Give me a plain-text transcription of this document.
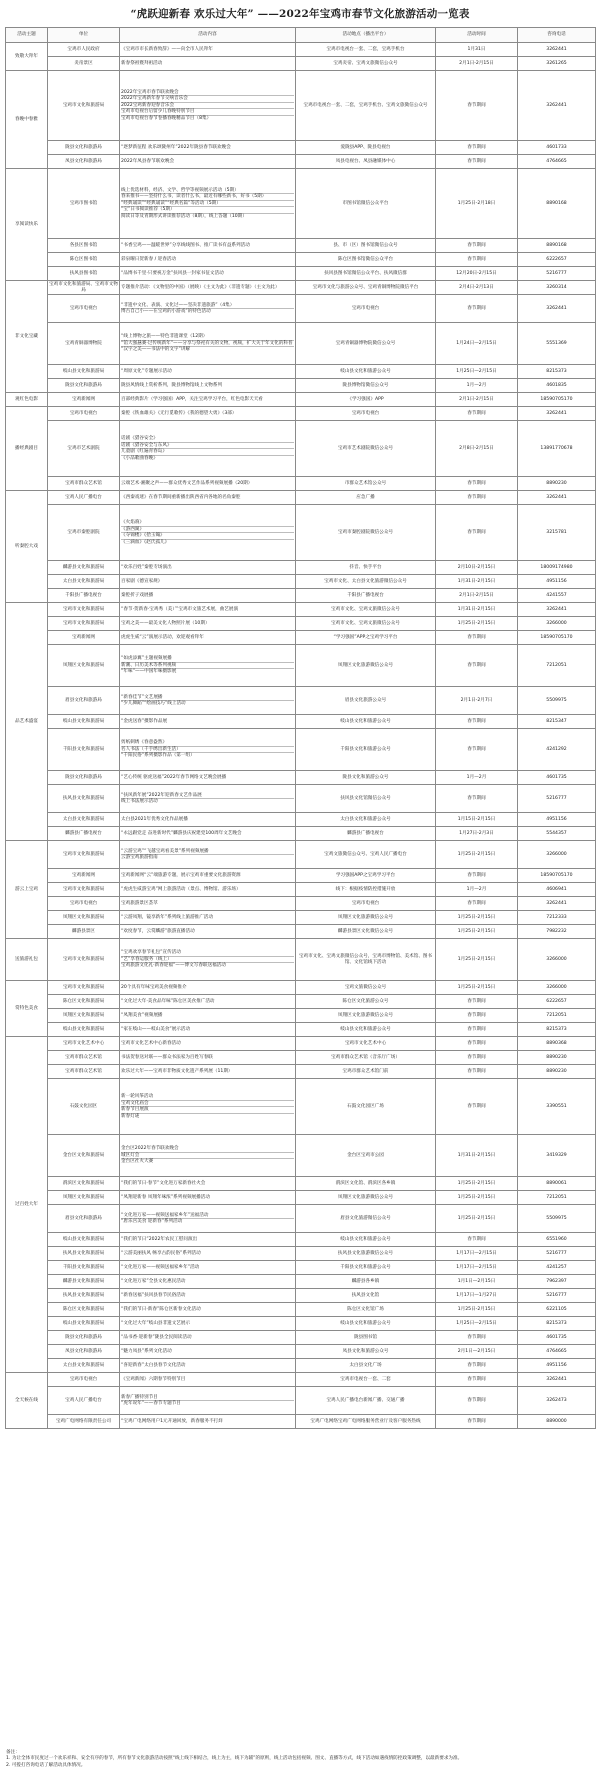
“虎跃迎新春 欢乐过大年” ——2022年宝鸡市春节文化旅游活动一览表
活动主题	单位	活动内容	活动地点（播出平台）	活动时间	咨询电话
致敬大拜年	宝鸡市人民政府	《宝鸡市市长新春致辞》——向全市人民拜年	宝鸡市电视台一套、二套，宝鸡手机台	1月31日	3262441
	炎帝景区	新春祭祖暨拜祖活动	宝鸡炎帝、宝鸡文旅微信公众号	2月1日-2月15日	3261265
春晚中春雅	宝鸡市文化和旅游局	2022年宝鸡市春节联欢晚会
2022年宝鸡新年春节交响音乐会
2022宝鸡新春迎春音乐会
宝鸡市电视台后留少儿春晚特别节目
宝鸡市电视台春节卷播春晚精品节目（8集）	宝鸡市电视台一套、二套，宝鸡手机台、宝鸡文旅微信公众号	春节期间	3262441
	陇县文化和旅游局	“逐梦新征程 欢乐颂陇州年”2022年陇县春节联欢晚会	爱陇县APP、陇县电视台	春节期间	4601733
	凤县文化和旅游局	2022年凤县春节联欢晚会	凤县电视台、凤县融媒体中心	春节期间	4764665
享阅读快乐	宝鸡市图书馆	线上优选材料，经济、文学、哲学等视频展示活动（5期）
春来推书——坚持什么书，读者什么书，最近有哪些新书，好书（5期）
“经典诵读”“经典诵读”“经典名篇”等活动（5期）
“宝”日书阅读推荐（5期）
阅读日等及青期形式讲读推荐活动（8期），线上答题（10期）	市图书馆微信公众平台	1月25日-2月18日	8890168
	各县区图书馆	“书香宝鸡——温暖世界”分享线线图书、推广读书有益系列活动	县、市（区）图书馆微信公众号	春节期间	8890168
	陈仓区图书馆	彩泉曜日贺新春 / 迎春活动	陈仓区图书馆微信公众平台	春节期间	6222657
	扶风县图书馆	“品博书千里·只要祝万金”扶风县一封家书征文活动	扶风县图书馆微信公众平台、扶风微信群	12月20日-2月15日	5216777
非文化宝藏	宝鸡市文化和旅游局、宝鸡市文物局	专题推介活动：《文物里的中国》（展映）《主文为此》（非遗专题）（主文为此）	宝鸡市文化与旅游公众号、宝鸡青铜博物院微信平台	2月4日-2月13日	3260314
	宝鸡市电视台	“非遗中文化、表演、文化过——坚决非遗旅游”（4集）
博古自己小——在宝鸡的小游戏”的特色活动	宝鸡市电视台	春节期间	3262441
	宝鸡青铜器博物院	“线上博物之旅——特色非遗课堂（12期）
“馆大强悬赛·过传统新年”——分享与祭祀有关的文物，视频，扩大关于年文化的科普
“汉字之美——书法中的文字”讲解	宝鸡青铜器博物院微信公众号	1月24日—2月15日	5551369
	岐山县文化和旅游局	“周原文化”专题展示活动	岐山县文化和旅游公众号	1月25日—2月15日	8215373
	陇县文化和旅游局	陇县风情线上赏析系列，陇县博物馆线上文物系列	陇县博物馆微信公众号	1月—2月	4601835
观红色电影	宝鸡新闻网	百部经典影片（学习强国）APP，关注宝鸡学习平台，红色电影天天看	《学习强国》APP	2月1日-2月15日	18590705170
播经典剧目	宝鸡市电视台	秦腔《铁血雄关》《无行觅歌传》《我的德望大勇》（3部）	宝鸡市电视台	春节期间	3262441
	宝鸡市艺术剧院	话剧《猎谷安全》
话剧《猎谷安全与东风》
儿童剧《红遍青春岛》
《小品歌曲春晚》	宝鸡市艺术剧院微信公众号	2月8日-2月15日	13891770678
	宝鸡市群众艺术馆	云端艺术·湘聚之声——群众优秀文艺作品系列视频展播（20期）	市群众艺术馆公众号	春节期间	8890230
听秦腔大戏	宝鸡人民广播电台	《西秦戏迷》在春节期间重新播出陕西省内各地的名角秦腔	应急广播	春节期间	3262441
	宝鸡市秦腔剧院	《火焰驹》
《游西湖》
《夺锦楼》《拾玉镯》
《三滴血》《赵氏孤儿》	宝鸡市秦腔剧院微信公众号	春节期间	3215781
	麟游县文化和旅游局	“欢乐百姓”秦腔专场演出	抖音、快手平台	2月10日-2月15日	18009174980
	太白县文化和旅游局	百家剧《德宣家规》	宝鸡市文化、太白县文化旅游微信公众号	1月31日-2月15日	4951156
	千阳县广播电视台	秦腔折子戏展播	千阳县广播电视台	2月1日-2月15日	4241557
品艺术盛宴	宝鸡市文化和旅游局	“春节·贺新春·宝鸡秀（美）’”宝鸡市文旅艺术展，曲艺展演	宝鸡市文化、宝鸡文旅微信公众号	1月31日-2月15日	3262441
	宝鸡市文化和旅游局	宝鸡之美——最美文化人物照片展（10期）	宝鸡市文化、宝鸡文旅微信公众号	1月25日-2月15日	3266000
	宝鸡新闻网	虎虎生威“云”演展示活动，欢迎观看拜年	“学习强国”APP之宝鸡学习平台	春节期间	18590705170
	凤翔区文化和旅游局	“如虎添翼”主题视频展播
新潮、日历美术等系列视频
“年味”——中国年味摄影展	凤翔区文化旅游微信公众号	春节期间	7212051
	眉县文化和旅游局	“新春佳节”文艺展播
“少儿舞蹈”“绘画技巧”线上活动	眉县文化旅游公众号	2月1日-2月7日	5509975
	岐山县文化和旅游局	“金虎送春”摄影作品展	岐山县文化和旅游公众号	春节期间	8215347
	千阳县文化和旅游局	剪纸刺绣《春意盎然》
名人书法（千手绣出新生活）
“千阳民俗”系列摄影作品（第一组）	千阳县文化和旅游公众号	春节期间	4241292
	陇县文化和旅游局	“艺心传统 驱虎送福”2022年春节网络文艺晚会展播	陇县文化和旅游公众号	1月—2月	4601735
	扶风县文化和旅游局	“扶风新年展”2022年迎新春文艺作品展
线上书法展示活动	扶风县文化馆微信公众号	春节期间	5216777
	太白县文化和旅游局	太白县2021年优秀文化作品展播	太白县文化和旅游公众号	1月15日-2月15日	4951156
	麟游县广播电视台	“永远跟党走 奋进新时代”麟游县庆祝建党100周年文艺晚会	麟游县广播电视台	1月27日-2月3日	5544357
游云上宝鸡	宝鸡市文化和旅游局	“云游宝鸡”“飞越宝鸡看美景”系列视频展播
云游宝鸡旅游指南	宝鸡文旅微信公众号、宝鸡人民广播电台	1月25日-2月15日	3266000
	宝鸡新闻网	宝鸡新闻网“云”端旅游专题，展示宝鸡市重要文化旅游资源	学习强国APP之宝鸡学习平台	春节期间	18590705170
	宝鸡市文化和旅游局	“虎虎生威游宝鸡”网上旅游活动（景点、博物馆、游乐场）	线下：根据疫情防控措施开放	1月—2月	4606941
	宝鸡市电视台	宝鸡旅游景区荟萃	宝鸡市电视台	春节期间	3262441
	凤翔区文化和旅游局	“云游凤翔，镜享新年”系列线上旅游推广活动	凤翔区文化旅游微信公众号	1月25日-2月15日	7212333
	麟游县景区	“欢度春节，云赏麟游”旅游直播活动	麟游县景区文化微信公众号	1月25日-2月15日	7982232
送旅游礼包	宝鸡市文化和旅游局	“宝鸡欢享春节礼包”宣传活动
“艺”享春运服务（线上）
宝鸡旅游文化礼·新春迎福”——博文写春联送福活动	宝鸡市文化、宝鸡文旅微信公众号，宝鸡市博物馆、美术馆、图书馆、文化馆线下活动	1月25日-2月15日	3266000
赏特色美食	宝鸡市文化和旅游局	20个具有年味宝鸡美食视频推介	宝鸡文旅微信公众号	1月25日-2月15日	3266000
	陈仓区文化和旅游局	“文化过大年·美食品年味”陈仓区美食推广活动	陈仓区文化旅游公众号	春节期间	6222657
	凤翔区文化和旅游局	“凤翔美食”视频展播	凤翔区文化旅游微信公众号	春节期间	7212051
	岐山县文化和旅游局	“家在岐山——岐山美食”展示活动	岐山县文化和旅游公众号	春节期间	8215373
过百姓大年	宝鸡市文化艺术中心	宝鸡市文化艺术中心新春活动	宝鸡市文化艺术中心	春节期间	8890368
	宝鸡市群众艺术馆	书法贺春送对联——群众书法家为百姓写春联	宝鸡市群众艺术馆（音乐厅广场）	春节期间	8890230
	宝鸡市群众艺术馆	欢乐过大年——宝鸡市非物质文化遗产系列展（11期）	宝鸡市群众艺术馆门前	春节期间	8890230
	石鼓文化园区	新一轮风筝活动
宝鸡文化庙会
新春节目展演
新春灯谜	石鼓文化园区广场	春节期间	3390551
	金台区文化和旅游局	金台区2022年春节联欢晚会
城区灯会
金台区社火大赛	金台区宝鸡市公园	1月31日-2月15日	3419329
	渭滨区文化和旅游局	“我们的节日·春节”文化进万家新春社火会	渭滨区文化馆、渭滨区各乡镇	1月25日-2月15日	8890061
	凤翔区文化和旅游局	“凤翔迎新春 凤翔年味浓”系列视频展播活动	凤翔区文化旅游微信公众号	1月25日-2月15日	7212051
	眉县文化和旅游局	“文化进万家——视频送福家乡年”送福活动
“唐乐宫美食 迎新春”系列活动	眉县文化旅游微信公众号	1月25日-2月15日	5509975
	岐山县文化和旅游局	“我们的节日”2022年农民工慰问演出	岐山县文化和旅游公众号	春节期间	6551960
	扶风县文化和旅游局	“云游美丽扶风 畅享古韵民俗”系列活动	扶风县文化旅游微信公众号	1月17日—2月15日	5216777
	千阳县文化和旅游局	“文化进万家——视频送福家乡年”活动	千阳县文化和旅游公众号	1月17日—2月15日	4241257
	麟游县文化和旅游局	“文化进万家”全县文化惠民活动	麟游县各乡镇	1月1日—2月15日	7962397
	扶风县文化和旅游局	“新春送福”扶风县春节民俗活动	扶风县文化馆	1月17日—1月27日	5216777
	陈仓区文化和旅游局	“我们的节日·新春”陈仓区新春文化活动	陈仓区文化馆广场	1月25日-2月15日	6221105
	岐山县文化和旅游局	“文化过大年”岐山县非遗文艺展示	岐山县文化和旅游公众号	1月25日—2月15日	8215373
	陇县文化和旅游局	“品书香·迎新春”陇县全民阅读活动	陇县图书馆	春节期间	4601735
	凤县文化和旅游局	“魅力凤县”系列文化活动	凤县文化和旅游公众号	2月1日—2月15日	4764665
	太白县文化和旅游局	“喜迎新春”太白县春节文化活动	太白县文化广场	春节期间	4951156
全天候在线	宝鸡市电视台	《宝鸡新闻》六期春节特别节目	宝鸡市电视台一套、二套	春节期间	3262441
	宝鸡人民广播电台	新春广播特别节目
“虎年说年”——春节专题节目	宝鸡人民广播电台新闻广播、交通广播	春节期间	3262473
	宝鸡广电网络有限责任公司	“宝鸡广电网络用户1元开通回放，新春服务不打烊	宝鸡广电网络宝鸡广电网络服务营业厅及客户服务热线	春节期间	8890000

备注：

1. 为让全体市民度过一个欢乐祥和、安全有序的春节，所有春节文化旅游活动按照“线上线下相结合，线上为主，线下为辅”的原则，线上活动包括视频、图文、直播等方式，线下活动如遇疫情防控政策调整，以最新要求为准。

2. 可拨打咨询电话了解活动具体情况。
